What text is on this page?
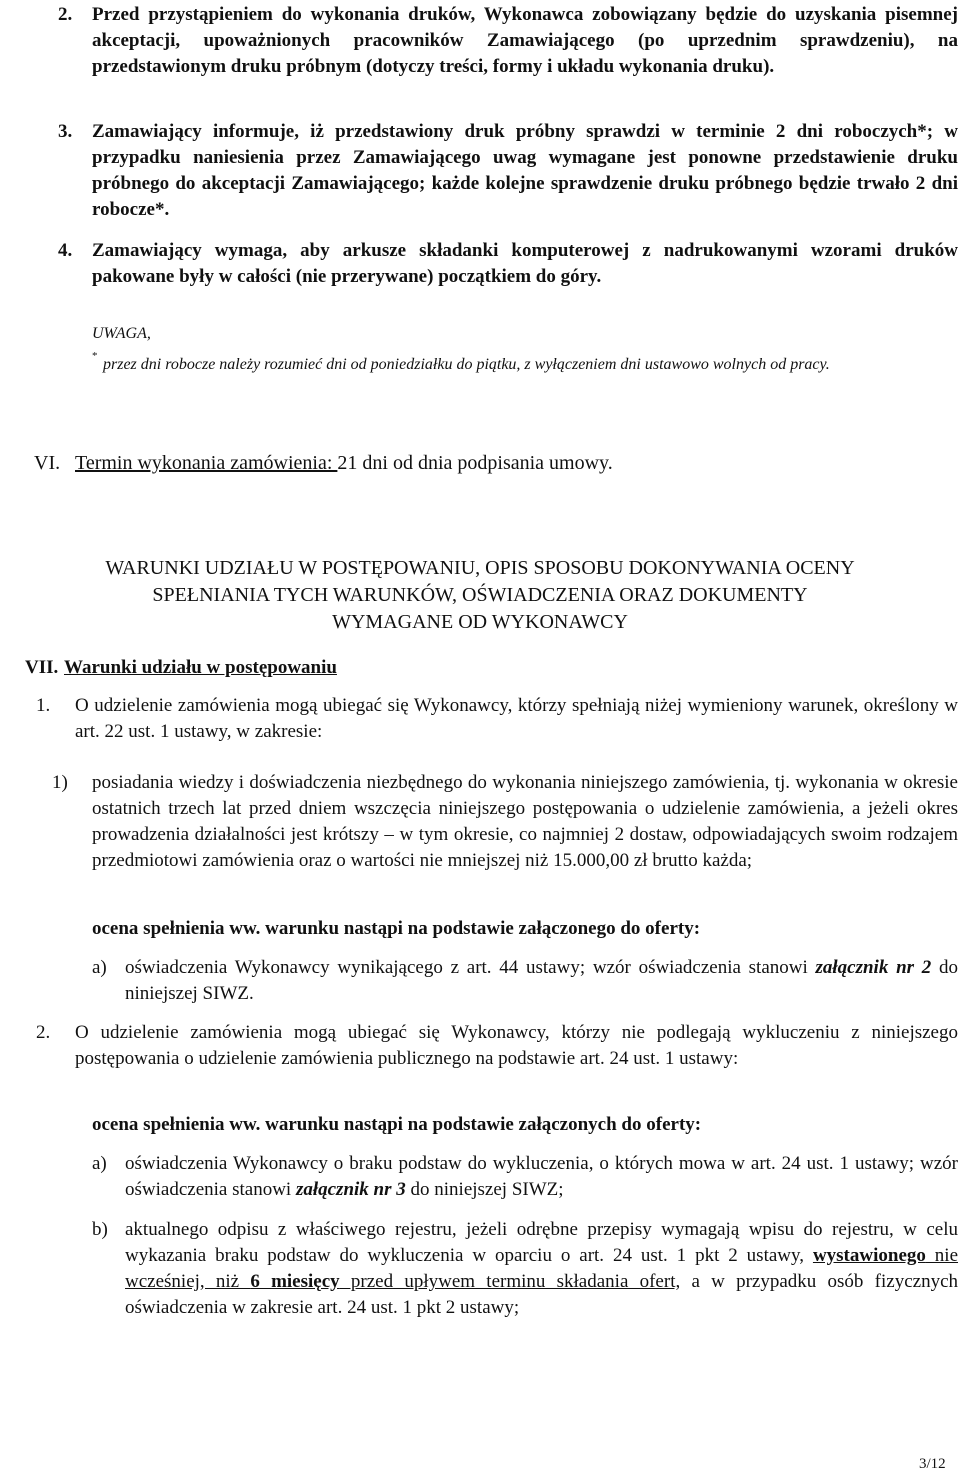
2. Przed przystąpieniem do wykonania druków, Wykonawca zobowiązany będzie do uzyskania pisemnej akceptacji, upoważnionych pracowników Zamawiającego (po uprzednim sprawdzeniu), na przedstawionym druku próbnym (dotyczy treści, formy i układu wykonania druku).

3. Zamawiający informuje, iż przedstawiony druk próbny sprawdzi w terminie 2 dni roboczych*; w przypadku naniesienia przez Zamawiającego uwag wymagane jest ponowne przedstawienie druku próbnego do akceptacji Zamawiającego; każde kolejne sprawdzenie druku próbnego będzie trwało 2 dni robocze*.

4. Zamawiający wymaga, aby arkusze składanki komputerowej z nadrukowanymi wzorami druków pakowane były w całości (nie przerywane) początkiem do góry.

UWAGA,
* przez dni robocze należy rozumieć dni od poniedziałku do piątku, z wyłączeniem dni ustawowo wolnych od pracy.

VI. Termin wykonania zamówienia: 21 dni od dnia podpisania umowy.
WARUNKI UDZIAŁU W POSTĘPOWANIU, OPIS SPOSOBU DOKONYWANIA OCENY
SPEŁNIANIA TYCH WARUNKÓW, OŚWIADCZENIA ORAZ DOKUMENTY
WYMAGANE OD WYKONAWCY
VII. Warunki udziału w postępowaniu
1. O udzielenie zamówienia mogą ubiegać się Wykonawcy, którzy spełniają niżej wymieniony warunek, określony w art. 22 ust. 1 ustawy, w zakresie:

1) posiadania wiedzy i doświadczenia niezbędnego do wykonania niniejszego zamówienia, tj. wykonania w okresie ostatnich trzech lat przed dniem wszczęcia niniejszego postępowania o udzielenie zamówienia, a jeżeli okres prowadzenia działalności jest krótszy – w tym okresie, co najmniej 2 dostaw, odpowiadających swoim rodzajem przedmiotowi zamówienia oraz o wartości nie mniejszej niż 15.000,00 zł brutto każda;

ocena spełnienia ww. warunku nastąpi na podstawie załączonego do oferty:
a) oświadczenia Wykonawcy wynikającego z art. 44 ustawy; wzór oświadczenia stanowi załącznik nr 2 do niniejszej SIWZ.

2. O udzielenie zamówienia mogą ubiegać się Wykonawcy, którzy nie podlegają wykluczeniu z niniejszego postępowania o udzielenie zamówienia publicznego na podstawie art. 24 ust. 1 ustawy:

ocena spełnienia ww. warunku nastąpi na podstawie załączonych do oferty:
a) oświadczenia Wykonawcy o braku podstaw do wykluczenia, o których mowa w art. 24 ust. 1 ustawy; wzór oświadczenia stanowi załącznik nr 3 do niniejszej SIWZ;

b) aktualnego odpisu z właściwego rejestru, jeżeli odrębne przepisy wymagają wpisu do rejestru, w celu wykazania braku podstaw do wykluczenia w oparciu o art. 24 ust. 1 pkt 2 ustawy, wystawionego nie wcześniej, niż 6 miesięcy przed upływem terminu składania ofert, a w przypadku osób fizycznych oświadczenia w zakresie art. 24 ust. 1 pkt 2 ustawy;

3/12
